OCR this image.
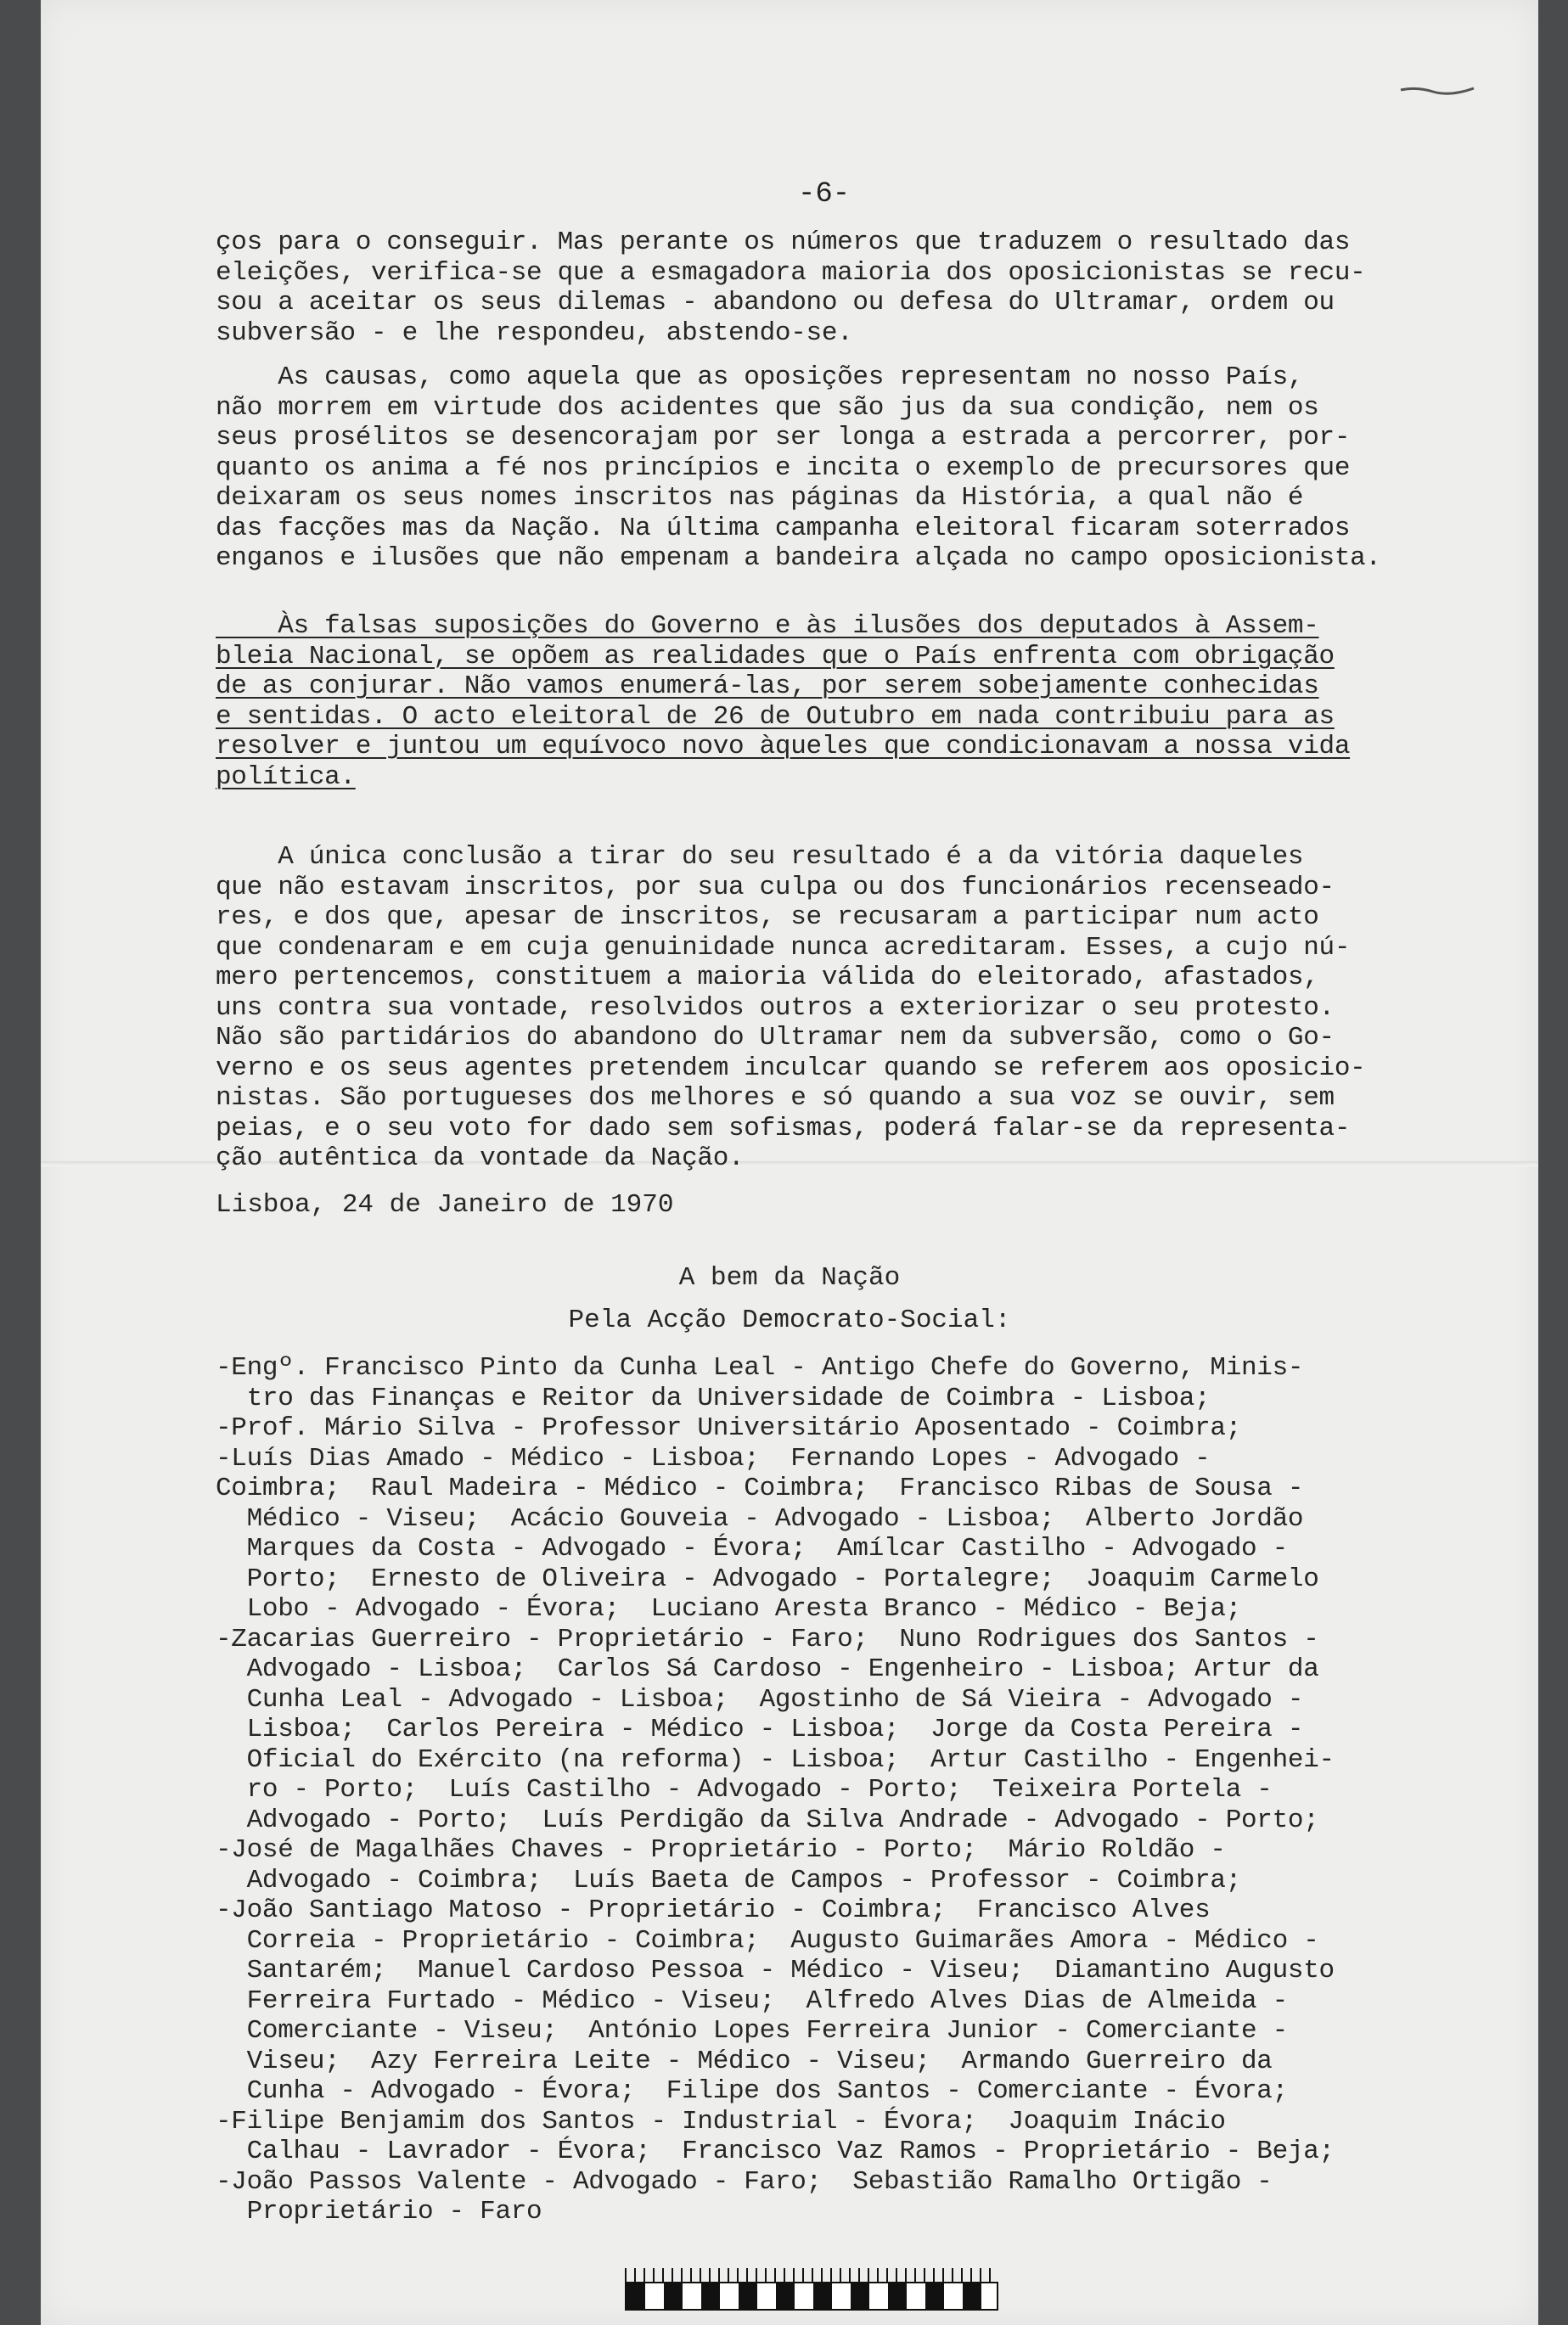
-6-
ços para o conseguir. Mas perante os números que traduzem o resultado das
eleições, verifica-se que a esmagadora maioria dos oposicionistas se recu-
sou a aceitar os seus dilemas - abandono ou defesa do Ultramar, ordem ou
subversão - e lhe respondeu, abstendo-se.
As causas, como aquela que as oposições representam no nosso País,
não morrem em virtude dos acidentes que são jus da sua condição, nem os
seus prosélitos se desencorajam por ser longa a estrada a percorrer, por-
quanto os anima a fé nos princípios e incita o exemplo de precursores que
deixaram os seus nomes inscritos nas páginas da História, a qual não é
das facções mas da Nação. Na última campanha eleitoral ficaram soterrados
enganos e ilusões que não empenam a bandeira alçada no campo oposicionista.
Às falsas suposições do Governo e às ilusões dos deputados à Assem-
bleia Nacional, se opõem as realidades que o País enfrenta com obrigação
de as conjurar. Não vamos enumerá-las, por serem sobejamente conhecidas
e sentidas. O acto eleitoral de 26 de Outubro em nada contribuiu para as
resolver e juntou um equívoco novo àqueles que condicionavam a nossa vida
política.
A única conclusão a tirar do seu resultado é a da vitória daqueles
que não estavam inscritos, por sua culpa ou dos funcionários recenseado-
res, e dos que, apesar de inscritos, se recusaram a participar num acto
que condenaram e em cuja genuinidade nunca acreditaram. Esses, a cujo nú-
mero pertencemos, constituem a maioria válida do eleitorado, afastados,
uns contra sua vontade, resolvidos outros a exteriorizar o seu protesto.
Não são partidários do abandono do Ultramar nem da subversão, como o Go-
verno e os seus agentes pretendem inculcar quando se referem aos oposicio-
nistas. São portugueses dos melhores e só quando a sua voz se ouvir, sem
peias, e o seu voto for dado sem sofismas, poderá falar-se da representa-
ção autêntica da vontade da Nação.
Lisboa, 24 de Janeiro de 1970
A bem da Nação
Pela Acção Democrato-Social:
-Engº. Francisco Pinto da Cunha Leal - Antigo Chefe do Governo, Minis-
tro das Finanças e Reitor da Universidade de Coimbra - Lisboa;
-Prof. Mário Silva - Professor Universitário Aposentado - Coimbra;
-Luís Dias Amado - Médico - Lisboa;  Fernando Lopes - Advogado -
Coimbra;  Raul Madeira - Médico - Coimbra;  Francisco Ribas de Sousa -
Médico - Viseu;  Acácio Gouveia - Advogado - Lisboa;  Alberto Jordão
Marques da Costa - Advogado - Évora;  Amílcar Castilho - Advogado -
Porto;  Ernesto de Oliveira - Advogado - Portalegre;  Joaquim Carmelo
Lobo - Advogado - Évora;  Luciano Aresta Branco - Médico - Beja;
-Zacarias Guerreiro - Proprietário - Faro;  Nuno Rodrigues dos Santos -
Advogado - Lisboa;  Carlos Sá Cardoso - Engenheiro - Lisboa; Artur da
Cunha Leal - Advogado - Lisboa;  Agostinho de Sá Vieira - Advogado -
Lisboa;  Carlos Pereira - Médico - Lisboa;  Jorge da Costa Pereira -
Oficial do Exército (na reforma) - Lisboa;  Artur Castilho - Engenhei-
ro - Porto;  Luís Castilho - Advogado - Porto;  Teixeira Portela -
Advogado - Porto;  Luís Perdigão da Silva Andrade - Advogado - Porto;
-José de Magalhães Chaves - Proprietário - Porto;  Mário Roldão -
Advogado - Coimbra;  Luís Baeta de Campos - Professor - Coimbra;
-João Santiago Matoso - Proprietário - Coimbra;  Francisco Alves
Correia - Proprietário - Coimbra;  Augusto Guimarães Amora - Médico -
Santarém;  Manuel Cardoso Pessoa - Médico - Viseu;  Diamantino Augusto
Ferreira Furtado - Médico - Viseu;  Alfredo Alves Dias de Almeida -
Comerciante - Viseu;  António Lopes Ferreira Junior - Comerciante -
Viseu;  Azy Ferreira Leite - Médico - Viseu;  Armando Guerreiro da
Cunha - Advogado - Évora;  Filipe dos Santos - Comerciante - Évora;
-Filipe Benjamim dos Santos - Industrial - Évora;  Joaquim Inácio
Calhau - Lavrador - Évora;  Francisco Vaz Ramos - Proprietário - Beja;
-João Passos Valente - Advogado - Faro;  Sebastião Ramalho Ortigão -
Proprietário - Faro
